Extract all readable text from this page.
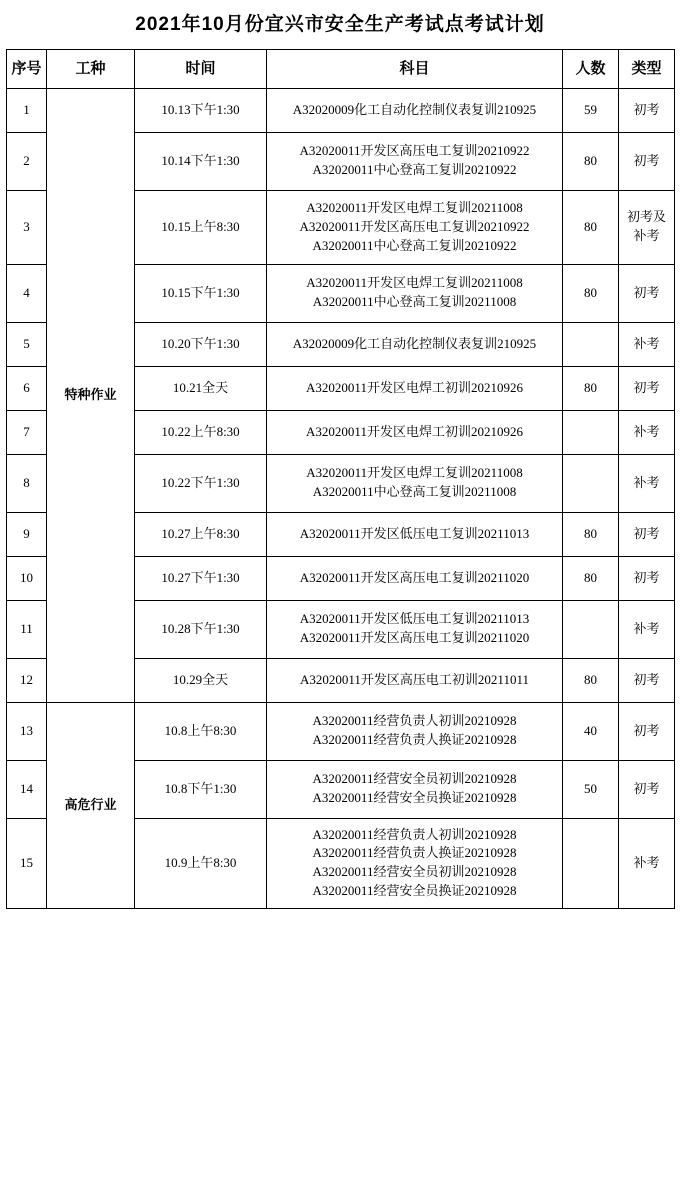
2021年10月份宜兴市安全生产考试点考试计划
序号	工种	时间	科目	人数	类型
1	特种作业	10.13下午1:30	A32020009化工自动化控制仪表复训210925	59	初考

2		10.14下午1:30	A32020011开发区高压电工复训20210922
A32020011中心登高工复训20210922	80	初考

3		10.15上午8:30	A32020011开发区电焊工复训20211008
A32020011开发区高压电工复训20210922
A32020011中心登高工复训20210922	80	初考及
补考

4		10.15下午1:30	A32020011开发区电焊工复训20211008
A32020011中心登高工复训20211008	80	初考

5		10.20下午1:30	A32020009化工自动化控制仪表复训210925		补考

6		10.21全天	A32020011开发区电焊工初训20210926	80	初考

7		10.22上午8:30	A32020011开发区电焊工初训20210926		补考

8		10.22下午1:30	A32020011开发区电焊工复训20211008
A32020011中心登高工复训20211008		补考

9		10.27上午8:30	A32020011开发区低压电工复训20211013	80	初考

10		10.27下午1:30	A32020011开发区高压电工复训20211020	80	初考

11		10.28下午1:30	A32020011开发区低压电工复训20211013
A32020011开发区高压电工复训20211020		补考

12		10.29全天	A32020011开发区高压电工初训20211011	80	初考

13	高危行业	10.8上午8:30	A32020011经营负责人初训20210928
A32020011经营负责人换证20210928	40	初考

14		10.8下午1:30	A32020011经营安全员初训20210928
A32020011经营安全员换证20210928	50	初考

15		10.9上午8:30	A32020011经营负责人初训20210928
A32020011经营负责人换证20210928
A32020011经营安全员初训20210928
A32020011经营安全员换证20210928		补考
